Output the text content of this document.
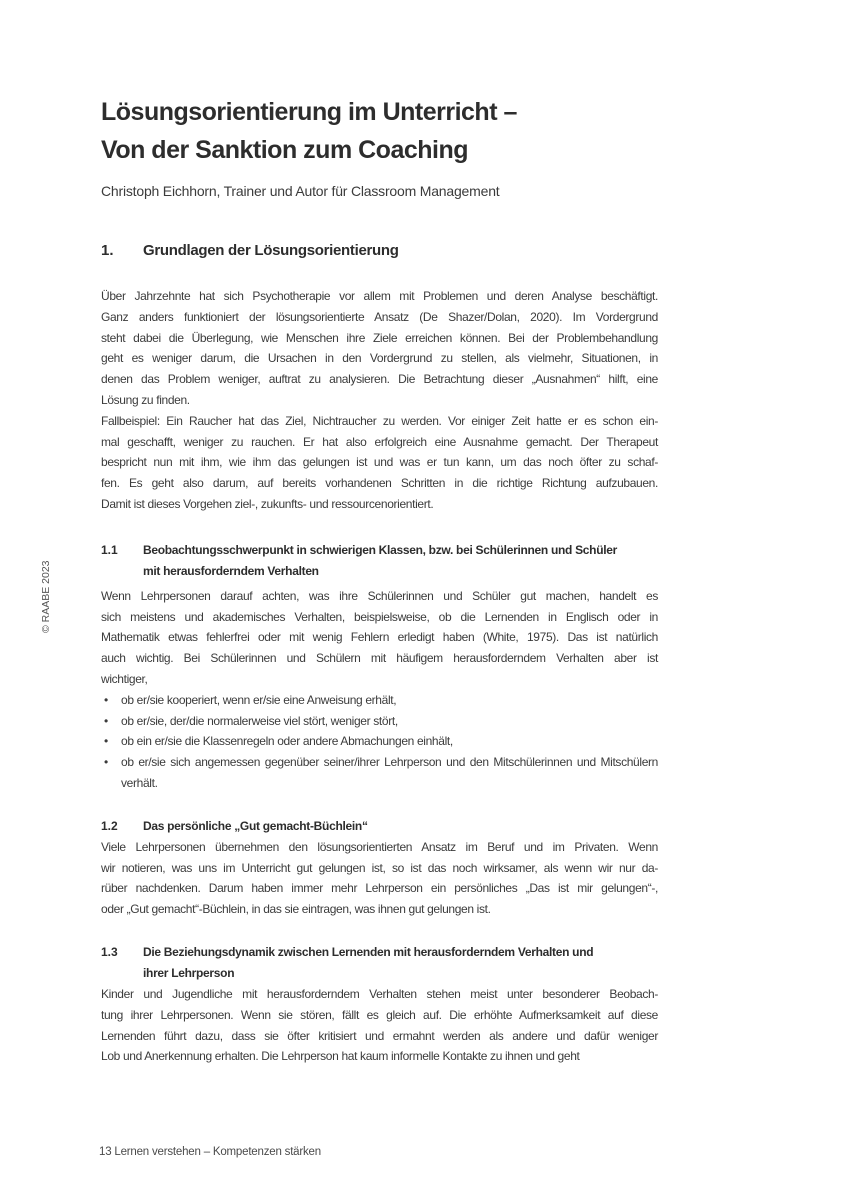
© RAABE 2023
Lösungsorientierung im Unterricht –
Von der Sanktion zum Coaching
Christoph Eichhorn, Trainer und Autor für Classroom Management
1.	Grundlagen der Lösungsorientierung
Über Jahrzehnte hat sich Psychotherapie vor allem mit Problemen und deren Analyse beschäftigt.
Ganz anders funktioniert der lösungsorientierte Ansatz (De Shazer/Dolan, 2020). Im Vordergrund
steht dabei die Überlegung, wie Menschen ihre Ziele erreichen können. Bei der Problembehandlung
geht es weniger darum, die Ursachen in den Vordergrund zu stellen, als vielmehr, Situationen, in
denen das Problem weniger, auftrat zu analysieren. Die Betrachtung dieser „Ausnahmen“ hilft, eine
Lösung zu finden.
Fallbeispiel: Ein Raucher hat das Ziel, Nichtraucher zu werden. Vor einiger Zeit hatte er es schon ein-
mal geschafft, weniger zu rauchen. Er hat also erfolgreich eine Ausnahme gemacht. Der Therapeut
bespricht nun mit ihm, wie ihm das gelungen ist und was er tun kann, um das noch öfter zu schaf-
fen. Es geht also darum, auf bereits vorhandenen Schritten in die richtige Richtung aufzubauen.
Damit ist dieses Vorgehen ziel-, zukunfts- und ressourcenorientiert.
1.1	Beobachtungsschwerpunkt in schwierigen Klassen, bzw. bei Schülerinnen und Schüler
mit herausforderndem Verhalten
Wenn Lehrpersonen darauf achten, was ihre Schülerinnen und Schüler gut machen, handelt es
sich meistens und akademisches Verhalten, beispielsweise, ob die Lernenden in Englisch oder in
Mathematik etwas fehlerfrei oder mit wenig Fehlern erledigt haben (White, 1975). Das ist natürlich
auch wichtig. Bei Schülerinnen und Schülern mit häufigem herausforderndem Verhalten aber ist
wichtiger,
•	ob er/sie kooperiert, wenn er/sie eine Anweisung erhält,
•	ob er/sie, der/die normalerweise viel stört, weniger stört,
•	ob ein er/sie die Klassenregeln oder andere Abmachungen einhält,
•	ob er/sie sich angemessen gegenüber seiner/ihrer Lehrperson und den Mitschülerinnen und Mitschülern verhält.
1.2	Das persönliche „Gut gemacht-Büchlein“
Viele Lehrpersonen übernehmen den lösungsorientierten Ansatz im Beruf und im Privaten. Wenn
wir notieren, was uns im Unterricht gut gelungen ist, so ist das noch wirksamer, als wenn wir nur da-
rüber nachdenken. Darum haben immer mehr Lehrperson ein persönliches „Das ist mir gelungen“-,
oder „Gut gemacht“-Büchlein, in das sie eintragen, was ihnen gut gelungen ist.
1.3	Die Beziehungsdynamik zwischen Lernenden mit herausforderndem Verhalten und
ihrer Lehrperson
Kinder und Jugendliche mit herausforderndem Verhalten stehen meist unter besonderer Beobach-
tung ihrer Lehrpersonen. Wenn sie stören, fällt es gleich auf. Die erhöhte Aufmerksamkeit auf diese
Lernenden führt dazu, dass sie öfter kritisiert und ermahnt werden als andere und dafür weniger
Lob und Anerkennung erhalten. Die Lehrperson hat kaum informelle Kontakte zu ihnen und geht
13 Lernen verstehen – Kompetenzen stärken
